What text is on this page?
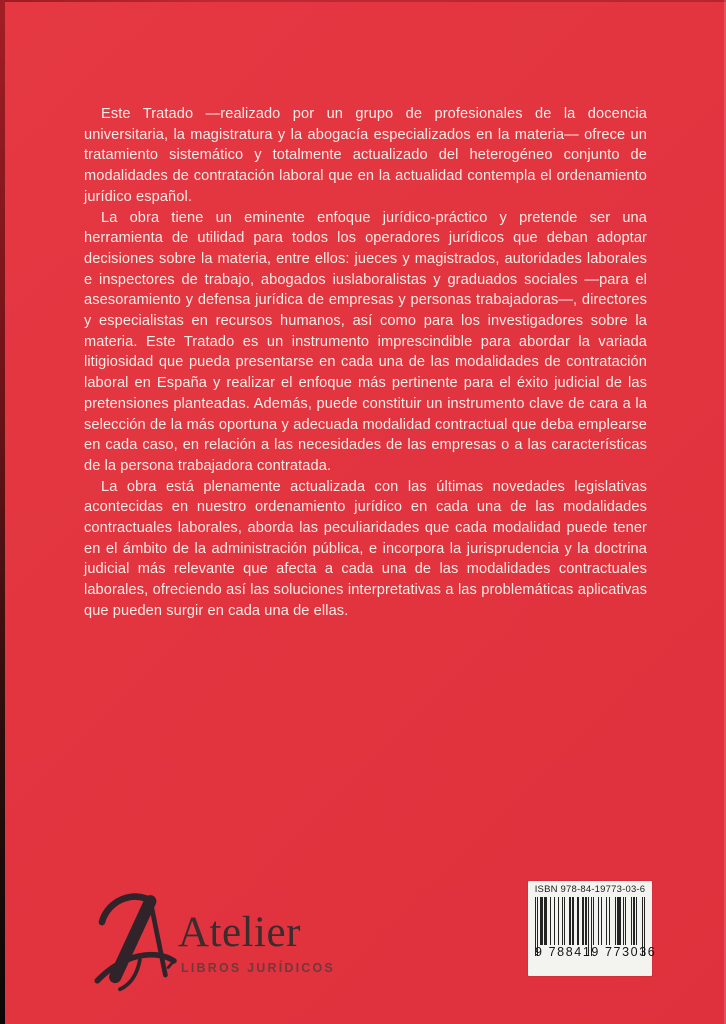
Este Tratado —realizado por un grupo de profesionales de la docencia universitaria, la magistratura y la abogacía especializados en la materia— ofrece un tratamiento sistemático y totalmente actualizado del heterogéneo conjunto de modalidades de contratación laboral que en la actualidad contempla el ordenamiento jurídico español.

La obra tiene un eminente enfoque jurídico-práctico y pretende ser una herramienta de utilidad para todos los operadores jurídicos que deban adoptar decisiones sobre la materia, entre ellos: jueces y magistrados, autoridades laborales e inspectores de trabajo, abogados iuslaboralistas y graduados sociales —para el asesoramiento y defensa jurídica de empresas y personas trabajadoras—, directores y especialistas en recursos humanos, así como para los investigadores sobre la materia. Este Tratado es un instrumento imprescindible para abordar la variada litigiosidad que pueda presentarse en cada una de las modalidades de contratación laboral en España y realizar el enfoque más pertinente para el éxito judicial de las pretensiones planteadas. Además, puede constituir un instrumento clave de cara a la selección de la más oportuna y adecuada modalidad contractual que deba emplearse en cada caso, en relación a las necesidades de las empresas o a las características de la persona trabajadora contratada.

La obra está plenamente actualizada con las últimas novedades legislativas acontecidas en nuestro ordenamiento jurídico en cada una de las modalidades contractuales laborales, aborda las peculiaridades que cada modalidad puede tener en el ámbito de la administración pública, e incorpora la jurisprudencia y la doctrina judicial más relevante que afecta a cada una de las modalidades contractuales laborales, ofreciendo así las soluciones interpretativas a las problemáticas aplicativas que pueden surgir en cada una de ellas.

Atelier
LIBROS JURÍDICOS
ISBN 978-84-19773-03-6
9 788419 773036
